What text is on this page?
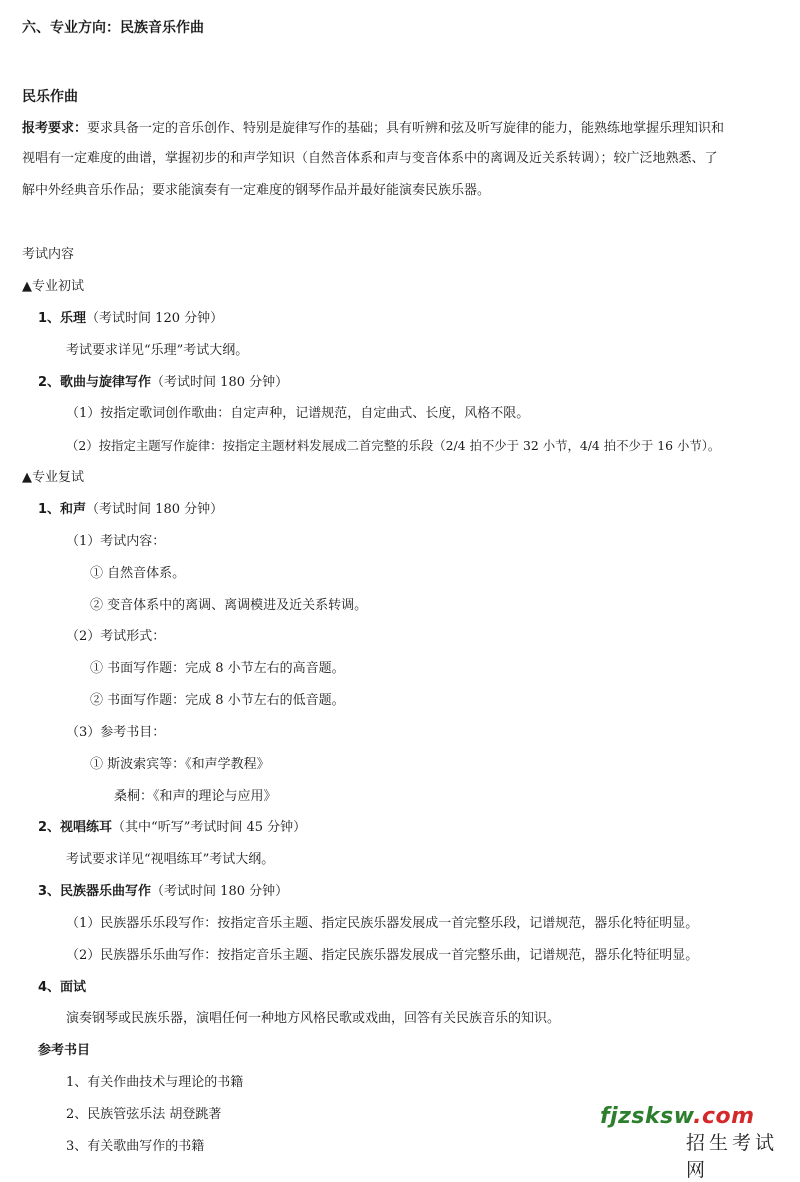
六、专业方向：民族音乐作曲
民乐作曲
报考要求：要求具备一定的音乐创作、特别是旋律写作的基础；具有听辨和弦及听写旋律的能力，能熟练地掌握乐理知识和
视唱有一定难度的曲谱，掌握初步的和声学知识（自然音体系和声与变音体系中的离调及近关系转调）；较广泛地熟悉、了
解中外经典音乐作品；要求能演奏有一定难度的钢琴作品并最好能演奏民族乐器。
考试内容
▲专业初试
1、乐理（考试时间 120 分钟）
考试要求详见“乐理”考试大纲。
2、歌曲与旋律写作（考试时间 180 分钟）
（1）按指定歌词创作歌曲：自定声种，记谱规范，自定曲式、长度，风格不限。
（2）按指定主题写作旋律：按指定主题材料发展成二首完整的乐段（2/4 拍不少于 32 小节，4/4 拍不少于 16 小节）。
▲专业复试
1、和声（考试时间 180 分钟）
（1）考试内容：
① 自然音体系。
② 变音体系中的离调、离调模进及近关系转调。
（2）考试形式：
① 书面写作题：完成 8 小节左右的高音题。
② 书面写作题：完成 8 小节左右的低音题。
（3）参考书目：
① 斯波索宾等：《和声学教程》
桑桐：《和声的理论与应用》
2、视唱练耳（其中“听写”考试时间 45 分钟）
考试要求详见“视唱练耳”考试大纲。
3、民族器乐曲写作（考试时间 180 分钟）
（1）民族器乐乐段写作：按指定音乐主题、指定民族乐器发展成一首完整乐段，记谱规范，器乐化特征明显。
（2）民族器乐乐曲写作：按指定音乐主题、指定民族乐器发展成一首完整乐曲，记谱规范，器乐化特征明显。
4、面试
演奏钢琴或民族乐器，演唱任何一种地方风格民歌或戏曲，回答有关民族音乐的知识。
参考书目
1、有关作曲技术与理论的书籍
2、民族管弦乐法 胡登跳著
3、有关歌曲写作的书籍
fjzsksw.com
招生考试网
